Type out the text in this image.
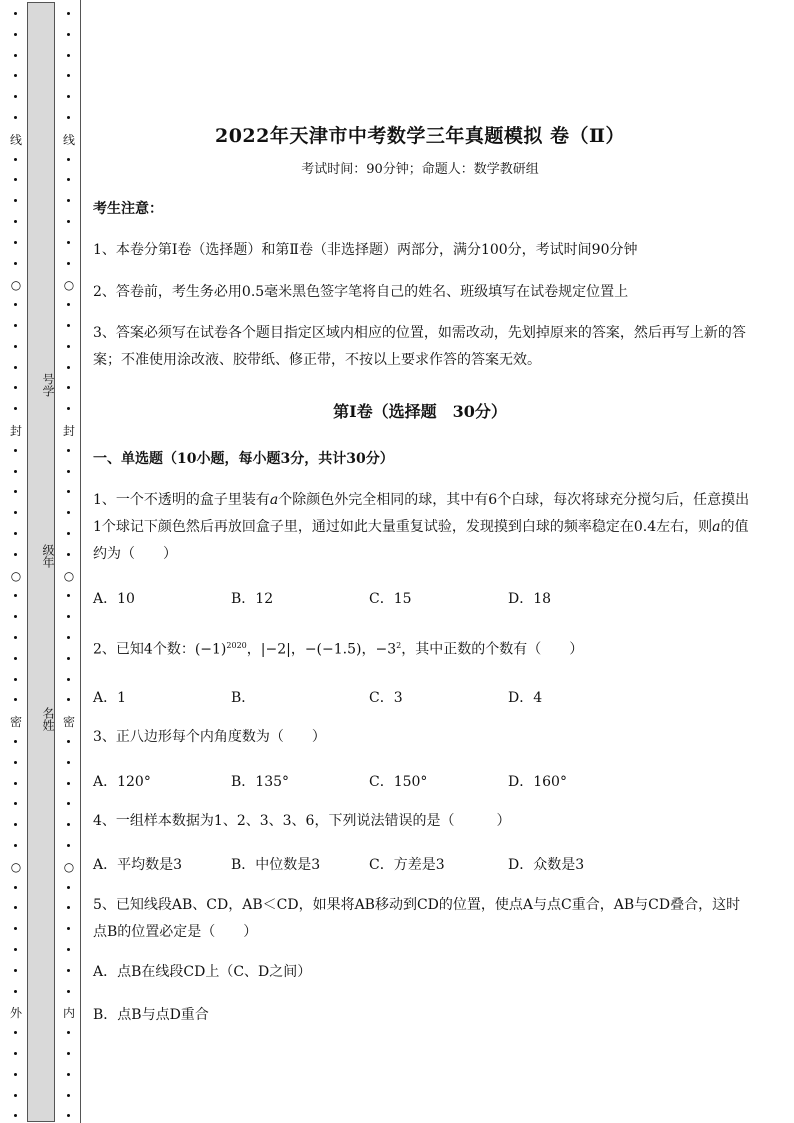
线
○
封
○
密
○
外
号学
级年
名姓
线
○
封
○
密
○
内
2022年天津市中考数学三年真题模拟 卷（Ⅱ）
考试时间：90分钟；命题人：数学教研组
考生注意：
1、本卷分第I卷（选择题）和第Ⅱ卷（非选择题）两部分，满分100分，考试时间90分钟
2、答卷前，考生务必用0.5毫米黑色签字笔将自己的姓名、班级填写在试卷规定位置上
3、答案必须写在试卷各个题目指定区域内相应的位置，如需改动，先划掉原来的答案，然后再写上新的答案；不准使用涂改液、胶带纸、修正带，不按以上要求作答的答案无效。
第I卷（选择题　30分）
一、单选题（10小题，每小题3分，共计30分）
1、一个不透明的盒子里装有a个除颜色外完全相同的球，其中有6个白球，每次将球充分搅匀后，任意摸出1个球记下颜色然后再放回盒子里，通过如此大量重复试验，发现摸到白球的频率稳定在0.4左右，则a的值约为（　　）
A．10	B．12	C．15	D．18
2、已知4个数：$(-1)^{2020}$，|−2|，−(−1.5)，$-3^2$，其中正数的个数有（　　）
A．1	B．	C．3	D．4
3、正八边形每个内角度数为（　　）
A．120°	B．135°	C．150°	D．160°
4、一组样本数据为1、2、3、3、6，下列说法错误的是（　　　）
A．平均数是3	B．中位数是3	C．方差是3	D．众数是3
5、已知线段AB、CD，AB＜CD，如果将AB移动到CD的位置，使点A与点C重合，AB与CD叠合，这时点B的位置必定是（　　）
A．点B在线段CD上（C、D之间）
B．点B与点D重合
